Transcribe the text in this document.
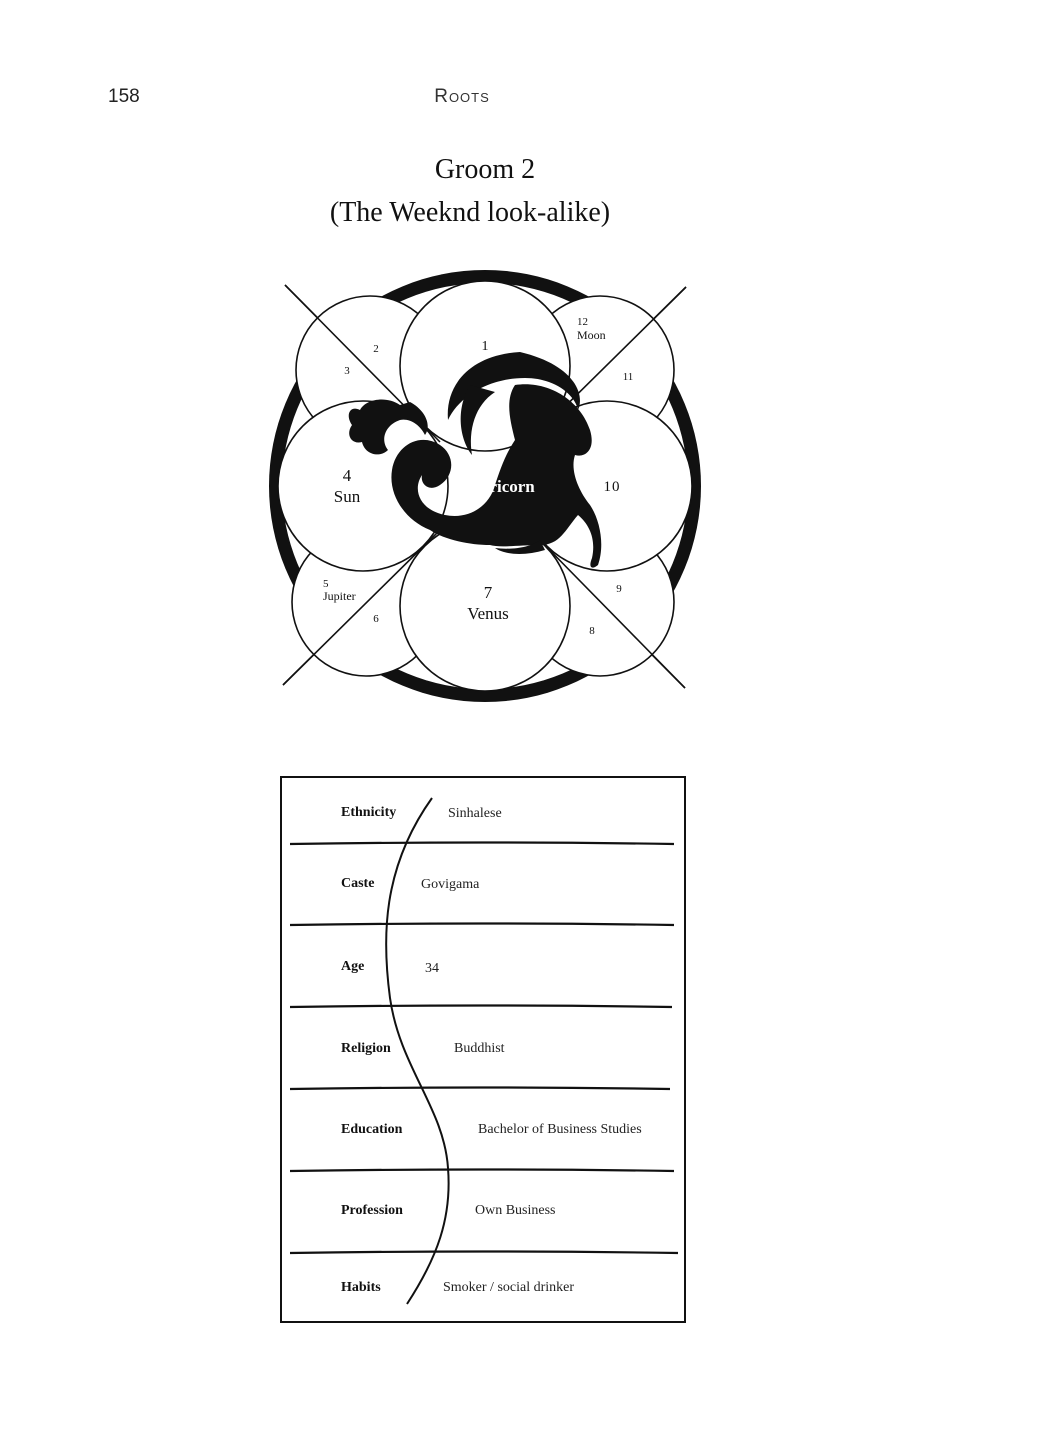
158	Roots
Groom 2
(The Weeknd look-alike)
1
2
3
4
Sun
5
Jupiter
6
7
Venus
8
9
10
11
12
Moon
Capricorn
Ethnicity	Sinhalese
Caste	Govigama
Age	34
Religion	Buddhist
Education	Bachelor of Business Studies
Profession	Own Business
Habits	Smoker / social drinker
